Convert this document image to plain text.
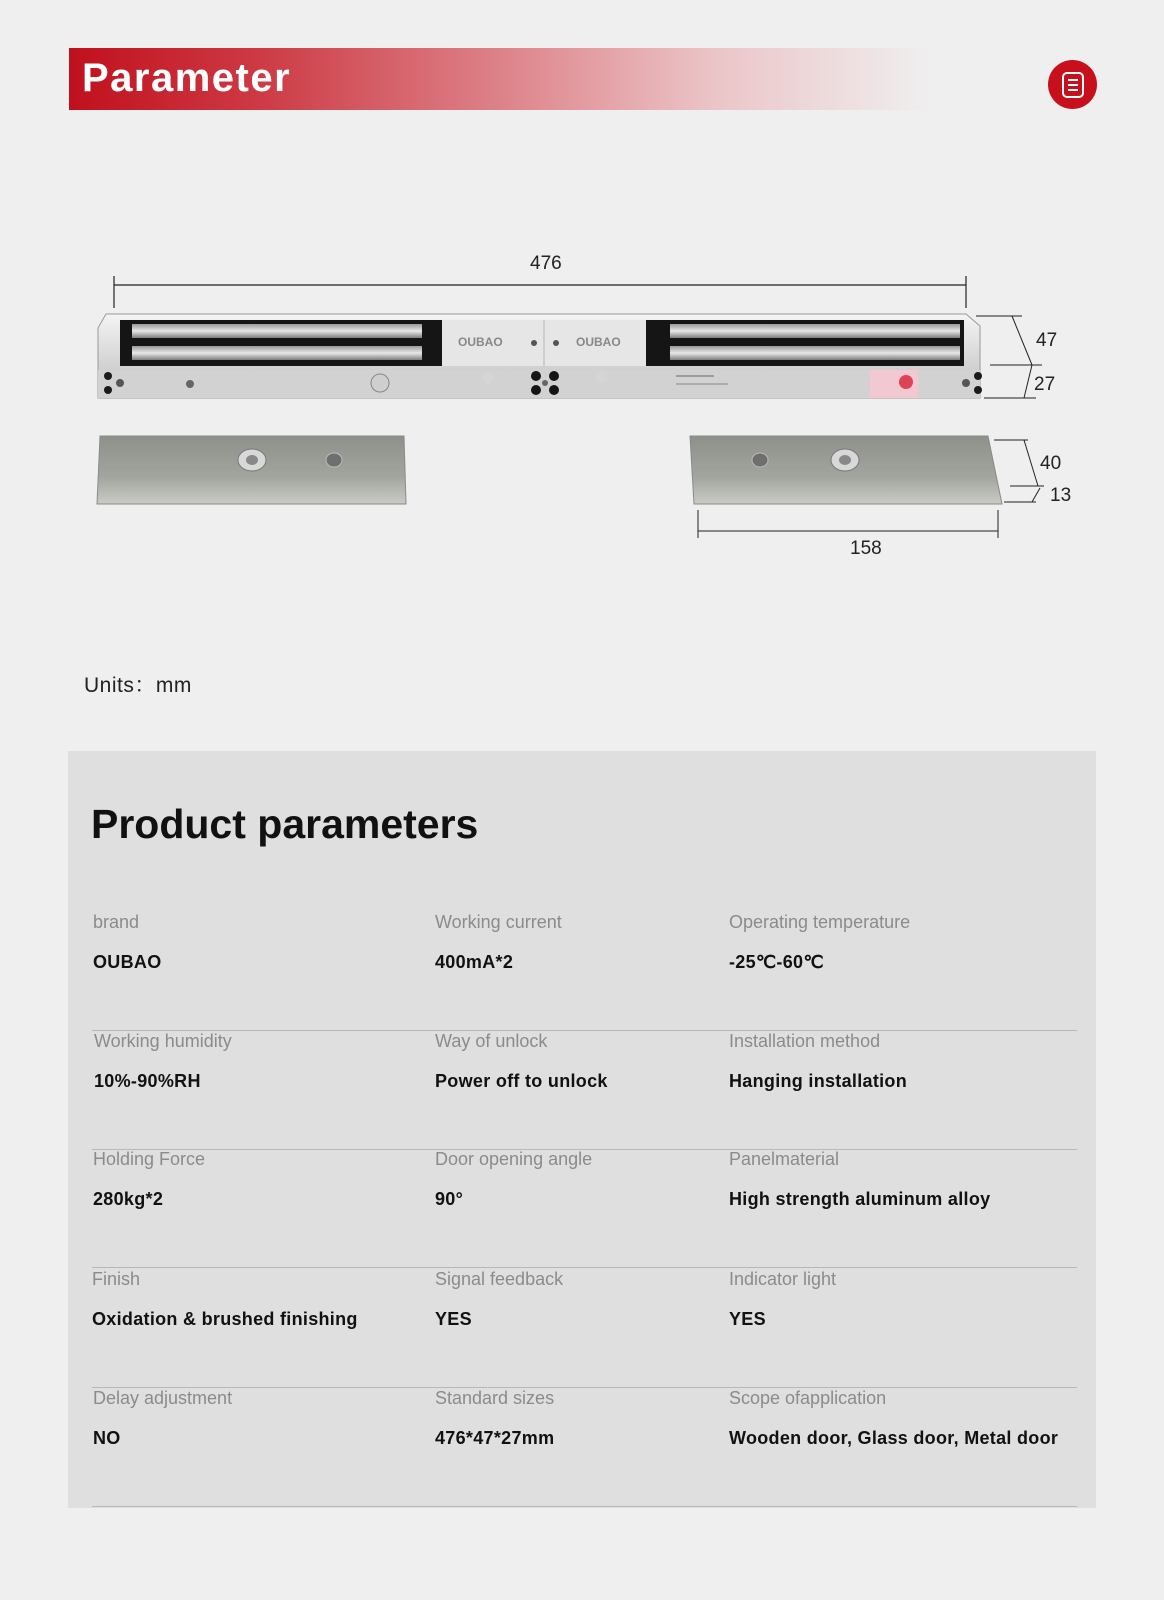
Parameter
OUBAO	OUBAO
476
47
27
40
13
158
Units：mm
Product parameters
brand
OUBAO
Working current
400mA*2
Operating temperature
-25℃-60℃
Working humidity
10%-90%RH
Way of unlock
Power off to unlock
Installation method
Hanging installation
Holding Force
280kg*2
Door opening angle
90°
Panelmaterial
High strength aluminum alloy
Finish
Oxidation & brushed finishing
Signal feedback
YES
Indicator light
YES
Delay adjustment
NO
Standard sizes
476*47*27mm
Scope ofapplication
Wooden door, Glass door, Metal door
